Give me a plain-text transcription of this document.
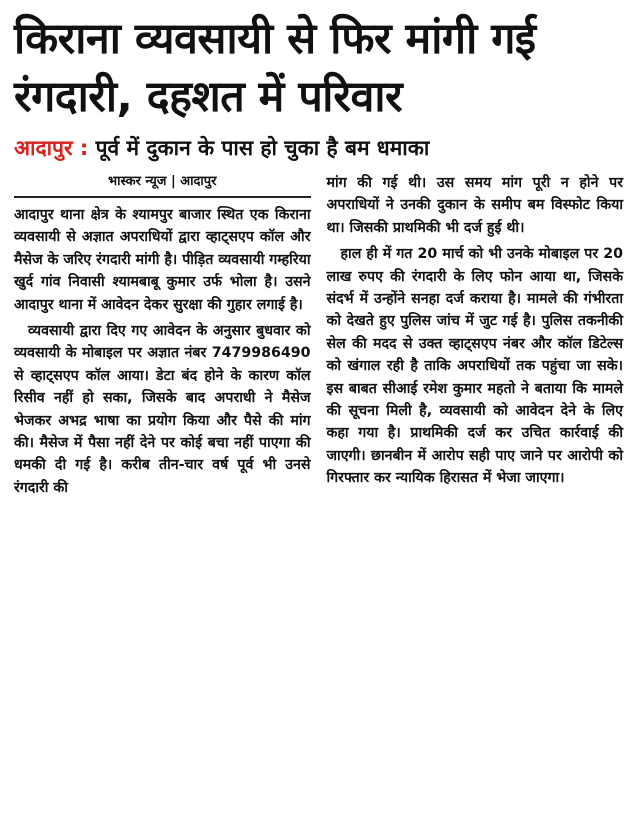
किराना व्यवसायी से फिर मांगी गई रंगदारी, दहशत में परिवार
आदापुर : पूर्व में दुकान के पास हो चुका है बम धमाका
भास्कर न्यूज | आदापुर

आदापुर थाना क्षेत्र के श्यामपुर बाजार स्थित एक किराना व्यवसायी से अज्ञात अपराधियों द्वारा व्हाट्सएप कॉल और मैसेज के जरिए रंगदारी मांगी है। पीड़ित व्यवसायी गम्हरिया खुर्द गांव निवासी श्यामबाबू कुमार उर्फ भोला है। उसने आदापुर थाना में आवेदन देकर सुरक्षा की गुहार लगाई है।

व्यवसायी द्वारा दिए गए आवेदन के अनुसार बुधवार को व्यवसायी के मोबाइल पर अज्ञात नंबर 7479986490 से व्हाट्सएप कॉल आया। डेटा बंद होने के कारण कॉल रिसीव नहीं हो सका, जिसके बाद अपराधी ने मैसेज भेजकर अभद्र भाषा का प्रयोग किया और पैसे की मांग की। मैसेज में पैसा नहीं देने पर कोई बचा नहीं पाएगा की धमकी दी गई है। करीब तीन-चार वर्ष पूर्व भी उनसे रंगदारी की

मांग की गई थी। उस समय मांग पूरी न होने पर अपराधियों ने उनकी दुकान के समीप बम विस्फोट किया था। जिसकी प्राथमिकी भी दर्ज हुई थी।

हाल ही में गत 20 मार्च को भी उनके मोबाइल पर 20 लाख रुपए की रंगदारी के लिए फोन आया था, जिसके संदर्भ में उन्होंने सनहा दर्ज कराया है। मामले की गंभीरता को देखते हुए पुलिस जांच में जुट गई है। पुलिस तकनीकी सेल की मदद से उक्त व्हाट्सएप नंबर और कॉल डिटेल्स को खंगाल रही है ताकि अपराधियों तक पहुंचा जा सके। इस बाबत सीआई रमेश कुमार महतो ने बताया कि मामले की सूचना मिली है, व्यवसायी को आवेदन देने के लिए कहा गया है। प्राथमिकी दर्ज कर उचित कार्रवाई की जाएगी। छानबीन में आरोप सही पाए जाने पर आरोपी को गिरफ्तार कर न्यायिक हिरासत में भेजा जाएगा।
